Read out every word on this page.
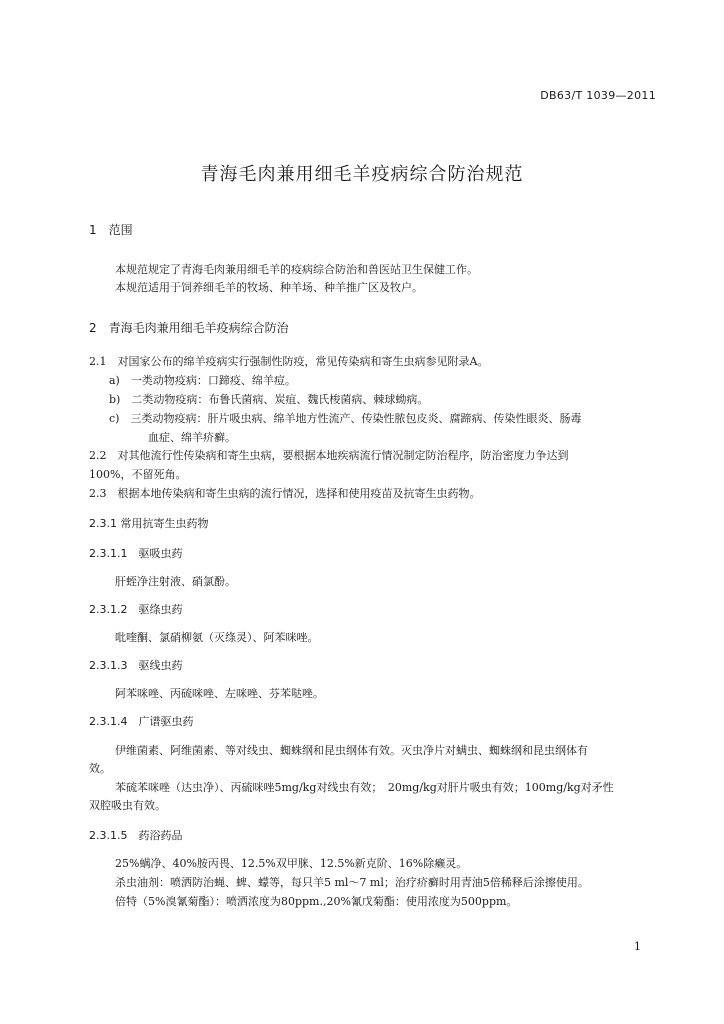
DB63/T 1039—2011
青海毛肉兼用细毛羊疫病综合防治规范
1　范围
本规范规定了青海毛肉兼用细毛羊的疫病综合防治和兽医站卫生保健工作。
本规范适用于饲养细毛羊的牧场、种羊场、种羊推广区及牧户。
2　青海毛肉兼用细毛羊疫病综合防治
2.1　对国家公布的绵羊疫病实行强制性防疫，常见传染病和寄生虫病参见附录A。
a)　一类动物疫病：口蹄疫、绵羊痘。
b)　二类动物疫病：布鲁氏菌病、炭疽、魏氏梭菌病、棘球蚴病。
c)　三类动物疫病：肝片吸虫病、绵羊地方性流产、传染性脓包皮炎、腐蹄病、传染性眼炎、肠毒
血症、绵羊疥癣。
2.2　对其他流行性传染病和寄生虫病，要根据本地疾病流行情况制定防治程序，防治密度力争达到
100%，不留死角。
2.3　根据本地传染病和寄生虫病的流行情况，选择和使用疫苗及抗寄生虫药物。
2.3.1 常用抗寄生虫药物
2.3.1.1　驱吸虫药
肝蛭净注射液、硝氯酚。
2.3.1.2　驱绦虫药
吡喹酮、氯硝柳氨（灭绦灵）、阿苯咪唑。
2.3.1.3　驱线虫药
阿苯咪唑、丙硫咪唑、左咪唑、芬苯哒唑。
2.3.1.4　广谱驱虫药
伊维菌素、阿维菌素、等对线虫、蜘蛛纲和昆虫纲体有效。灭虫净片对螨虫、蜘蛛纲和昆虫纲体有
效。
苯硫苯咪唑（达虫净）、丙硫咪唑5mg/kg对线虫有效；　20mg/kg对肝片吸虫有效；100mg/kg对矛性
双腔吸虫有效。
2.3.1.5　药浴药品
25%螨净、40%胺丙畏、12.5%双甲脒、12.5%新克阶、16%除癞灵。
杀虫油剂：喷洒防治蝇、蜱、蠓等，每只羊5 ml～7 ml；治疗疥癣时用青油5倍稀释后涂擦使用。
倍特（5%溴氰菊酯）：喷洒浓度为80ppm.,20%氰戊菊酯：使用浓度为500ppm。
1
